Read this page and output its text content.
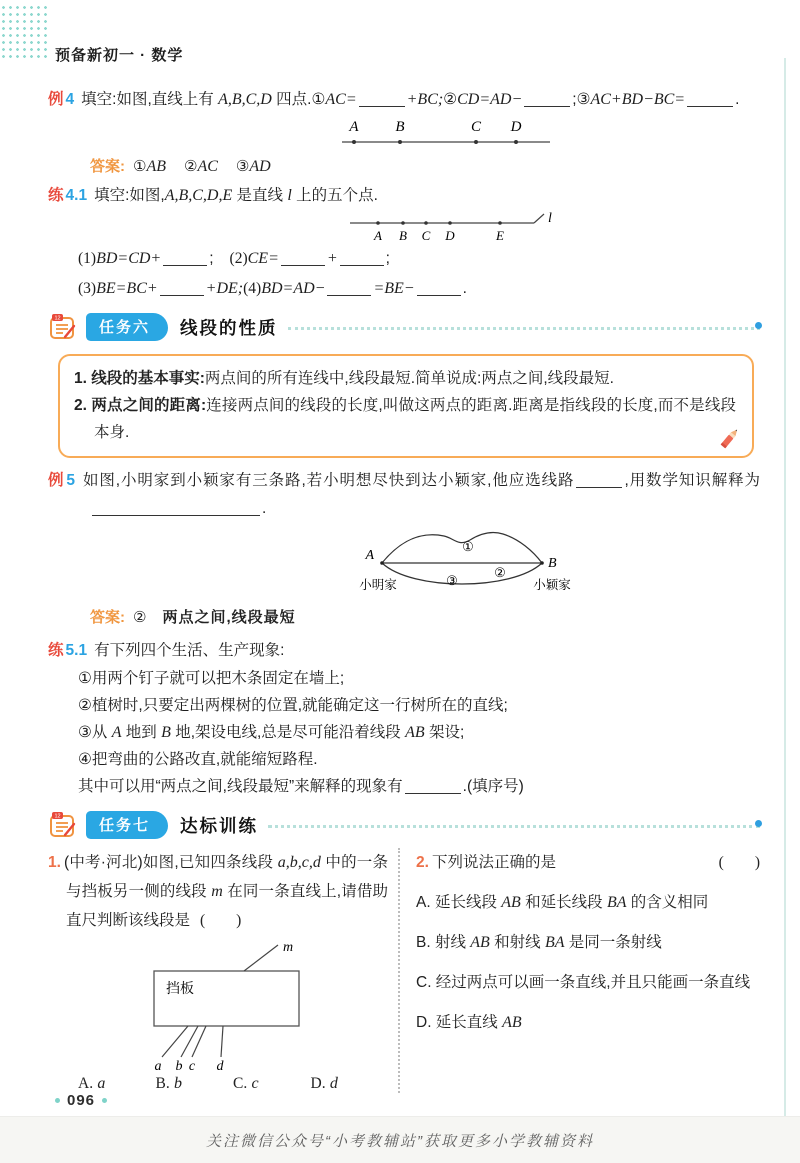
预备新初一 · 数学
例 4 填空:如图,直线上有 A,B,C,D 四点.①AC=	+BC;②CD=AD−	;③AC+BD−BC=	.
A B	C D
答案: ①AB ②AC ③AD
练 4.1 填空:如图,A,B,C,D,E 是直线 l 上的五个点.
A B C D	E
l
(1)BD=CD+	; (2)CE=	+	;
(3)BE=BC+	+DE;(4)BD=AD−	=BE−	.
12
任务六	线段的性质
1. 线段的基本事实:两点间的所有连线中,线段最短.简单说成:两点之间,线段最短.
2. 两点之间的距离:连接两点间的线段的长度,叫做这两点的距离.距离是指线段的长度,而不是线段本身.
例 5 如图,小明家到小颖家有三条路,若小明想尽快到达小颖家,他应选线路	,用数学知识解释为.
A
B
①
②
③
小明家	小颖家
答案: ② 两点之间,线段最短
练 5.1 有下列四个生活、生产现象:
①用两个钉子就可以把木条固定在墙上;
②植树时,只要定出两棵树的位置,就能确定这一行树所在的直线;
③从 A 地到 B 地,架设电线,总是尽可能沿着线段 AB 架设;
④把弯曲的公路改直,就能缩短路程.
其中可以用“两点之间,线段最短”来解释的现象有	.(填序号)
12
任务七	达标训练
1. (中考·河北)如图,已知四条线段 a,b,c,d 中的一条与挡板另一侧的线段 m 在同一条直线上,请借助直尺判断该线段是 (　　)
挡板
m
a b c d
A. a	B. b	C. c	D. d
2. 下列说法正确的是	(　　)
A. 延长线段 AB 和延长线段 BA 的含义相同
B. 射线 AB 和射线 BA 是同一条射线
C. 经过两点可以画一条直线,并且只能画一条直线
D. 延长直线 AB
096
关注微信公众号“小考教辅站”获取更多小学教辅资料
